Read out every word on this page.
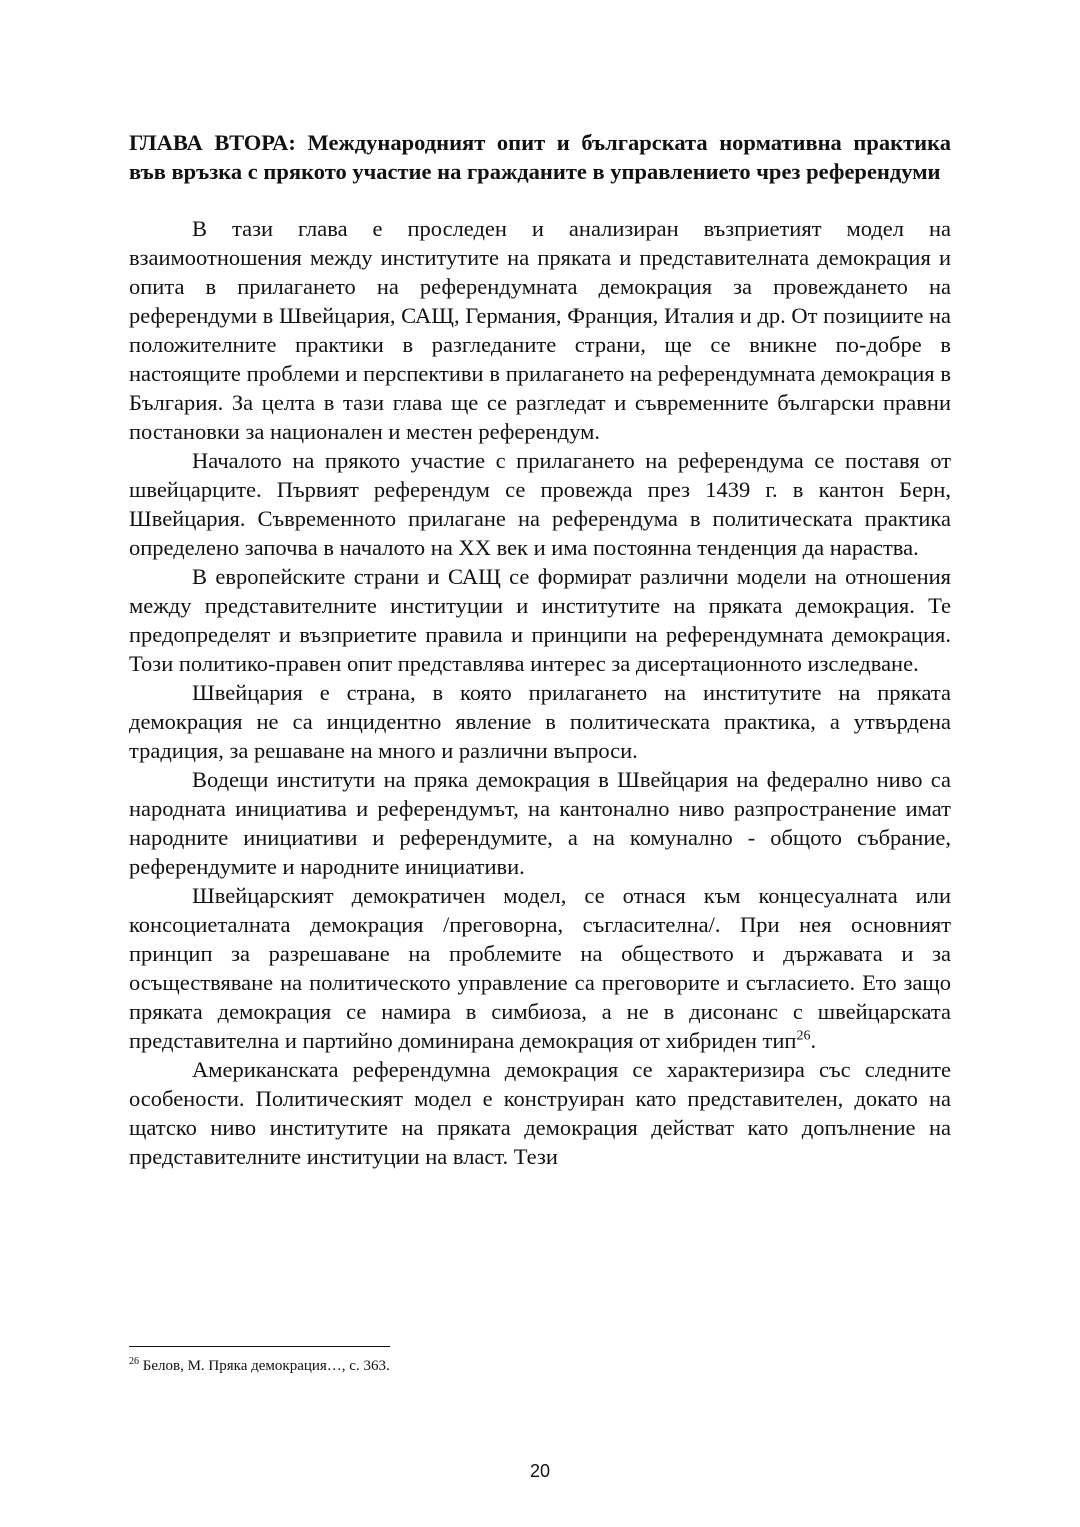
ГЛАВА ВТОРА: Международният опит и българската нормативна практика във връзка с прякото участие на гражданите в управлението чрез референдуми

В тази глава е проследен и анализиран възприетият модел на взаимоотношения между институтите на пряката и представителната демокрация и опита в прилагането на референдумната демокрация за провеждането на референдуми в Швейцария, САЩ, Германия, Франция, Италия и др. От позициите на положителните практики в разгледаните страни, ще се вникне по-добре в настоящите проблеми и перспективи в прилагането на референдумната демокрация в България. За целта в тази глава ще се разгледат и съвременните български правни постановки за национален и местен референдум.

Началото на прякото участие с прилагането на референдума се поставя от швейцарците. Първият референдум се провежда през 1439 г. в кантон Берн, Швейцария. Съвременното прилагане на референдума в политическата практика определено започва в началото на XX век и има постоянна тенденция да нараства.

В европейските страни и САЩ се формират различни модели на отношения между представителните институции и институтите на пряката демокрация. Те предопределят и възприетите правила и принципи на референдумната демокрация. Този политико-правен опит представлява интерес за дисертационното изследване.

Швейцария е страна, в която прилагането на институтите на пряката демокрация не са инцидентно явление в политическата практика, а утвърдена традиция, за решаване на много и различни въпроси.

Водещи институти на пряка демокрация в Швейцария на федерално ниво са народната инициатива и референдумът, на кантонално ниво разпространение имат народните инициативи и референдумите, а на комунално - общото събрание, референдумите и народните инициативи.

Швейцарският демократичен модел, се отнася към концесуалната или консоциеталната демокрация /преговорна, съгласителна/. При нея основният принцип за разрешаване на проблемите на обществото и държавата и за осъществяване на политическото управление са преговорите и съгласието. Ето защо пряката демокрация се намира в симбиоза, а не в дисонанс с швейцарската представителна и партийно доминирана демокрация от хибриден тип$^{26}$.

Американската референдумна демокрация се характеризира със следните особености. Политическият модел е конструиран като представителен, докато на щатско ниво институтите на пряката демокрация действат като допълнение на представителните институции на власт. Тези

$^{26}$ Белов, М. Пряка демокрация…, с. 363.
20
